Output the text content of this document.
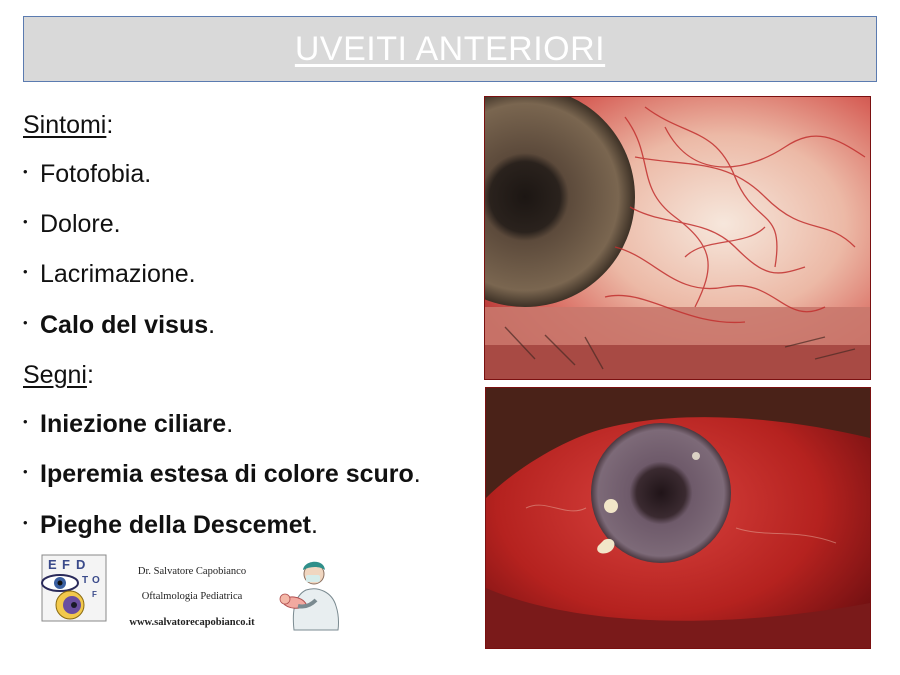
UVEITI ANTERIORI
Sintomi:
• Fotofobia.
• Dolore.
• Lacrimazione.
• Calo del visus.
Segni:
• Iniezione ciliare.
• Iperemia estesa di colore scuro.
• Pieghe della Descemet.
E F D
T O
F
Dr. Salvatore Capobianco
Oftalmologia Pediatrica
www.salvatorecapobianco.it
